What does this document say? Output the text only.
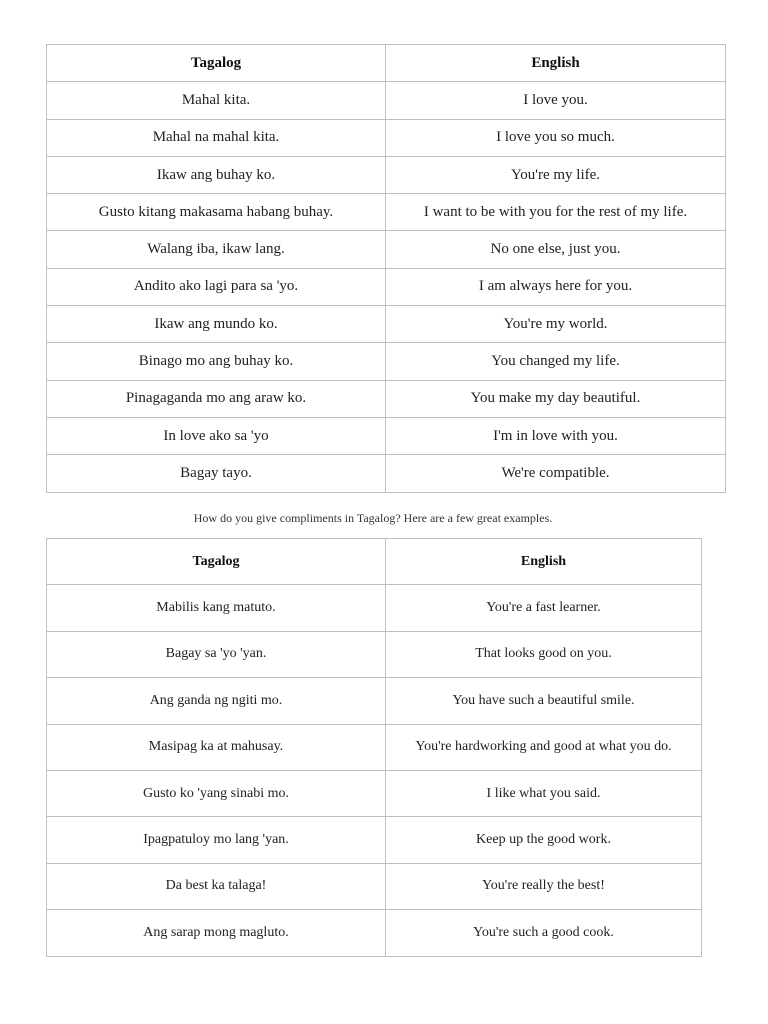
Tagalog	English
Mahal kita.	I love you.
Mahal na mahal kita.	I love you so much.
Ikaw ang buhay ko.	You're my life.
Gusto kitang makasama habang buhay.	I want to be with you for the rest of my life.
Walang iba, ikaw lang.	No one else, just you.
Andito ako lagi para sa 'yo.	I am always here for you.
Ikaw ang mundo ko.	You're my world.
Binago mo ang buhay ko.	You changed my life.
Pinagaganda mo ang araw ko.	You make my day beautiful.
In love ako sa 'yo	I'm in love with you.
Bagay tayo.	We're compatible.
How do you give compliments in Tagalog? Here are a few great examples.
Tagalog	English
Mabilis kang matuto.	You're a fast learner.
Bagay sa 'yo 'yan.	That looks good on you.
Ang ganda ng ngiti mo.	You have such a beautiful smile.
Masipag ka at mahusay.	You're hardworking and good at what you do.
Gusto ko 'yang sinabi mo.	I like what you said.
Ipagpatuloy mo lang 'yan.	Keep up the good work.
Da best ka talaga!	You're really the best!
Ang sarap mong magluto.	You're such a good cook.
